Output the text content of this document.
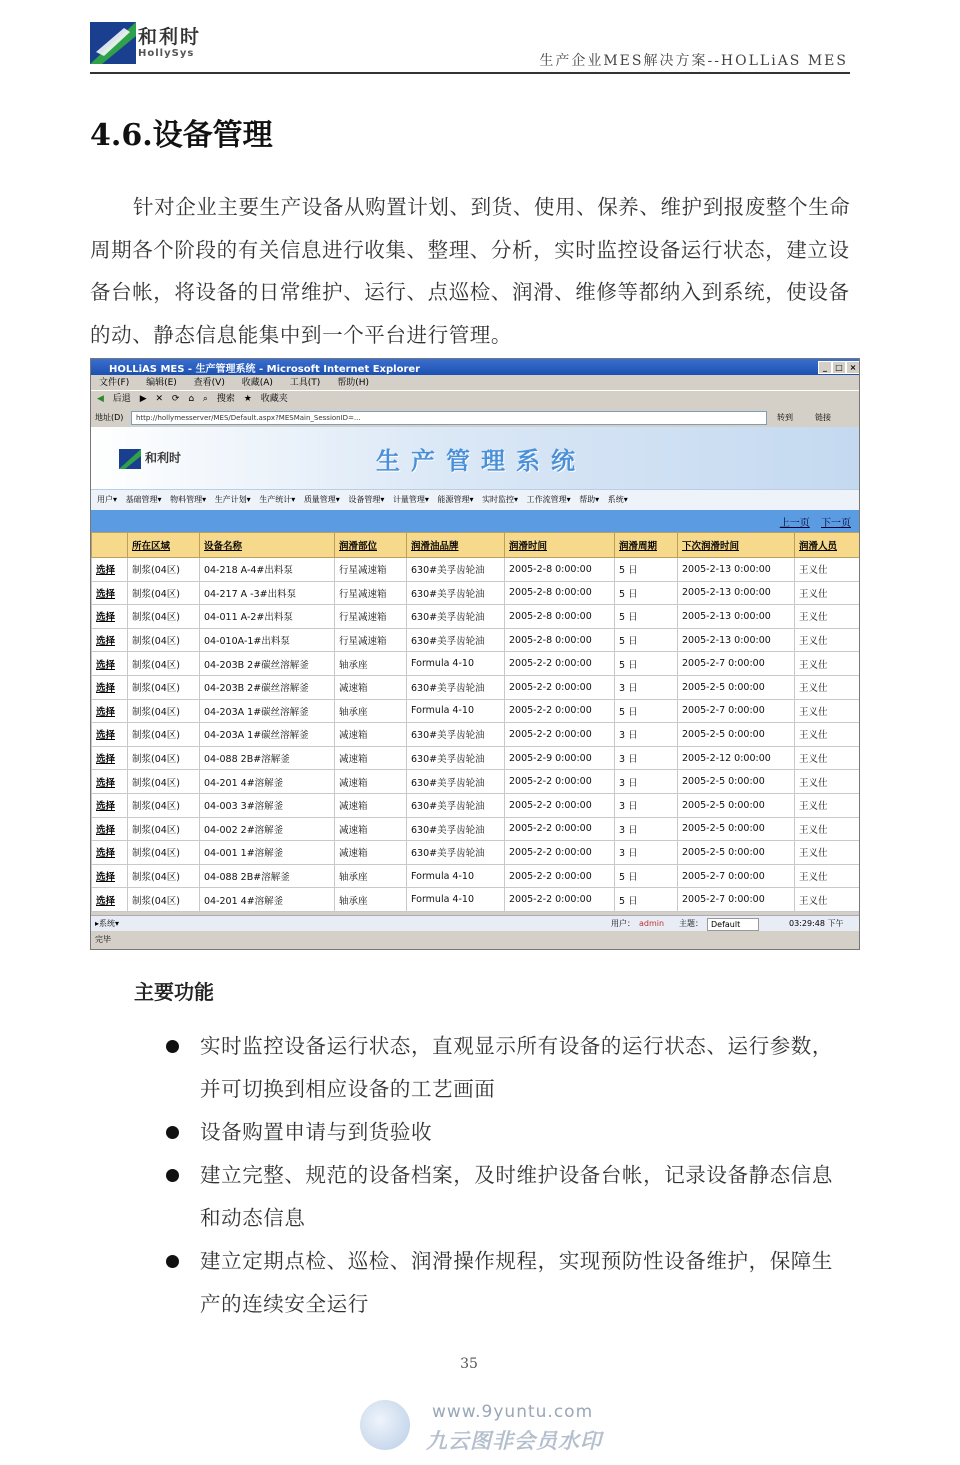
和利时
HollySys	生产企业MES解决方案--HOLLiAS MES
4.6.设备管理
针对企业主要生产设备从购置计划、到货、使用、保养、维护到报废整个生命周期各个阶段的有关信息进行收集、整理、分析，实时监控设备运行状态，建立设备台帐，将设备的日常维护、运行、点巡检、润滑、维修等都纳入到系统，使设备的动、静态信息能集中到一个平台进行管理。
HOLLiAS MES - 生产管理系统 - Microsoft Internet Explorer	_	□ ×
文件(F) 编辑(E) 查看(V) 收藏(A) 工具(T) 帮助(H)
◀ 后退 ▶ ✕ ⟳ ⌂ ⌕ 搜索 ★ 收藏夹
地址(D)	http://hollymesserver/MES/Default.aspx?MESMain_SessionID=...	转到	链接
和利时	生产管理系统
用户▾ 基础管理▾ 物料管理▾ 生产计划▾ 生产统计▾ 质量管理▾ 设备管理▾ 计量管理▾ 能源管理▾ 实时监控▾ 工作流管理▾ 帮助▾ 系统▾
上一页 下一页
	所在区域	设备名称	润滑部位	润滑油品牌	润滑时间	润滑周期	下次润滑时间	润滑人员
选择	制浆(04区)	04-218 A-4#出料泵	行星减速箱	630#美孚齿轮油	2005-2-8 0:00:00	5 日	2005-2-13 0:00:00	王义仕
选择	制浆(04区)	04-217 A -3#出料泵	行星减速箱	630#美孚齿轮油	2005-2-8 0:00:00	5 日	2005-2-13 0:00:00	王义仕
选择	制浆(04区)	04-011 A-2#出料泵	行星减速箱	630#美孚齿轮油	2005-2-8 0:00:00	5 日	2005-2-13 0:00:00	王义仕
选择	制浆(04区)	04-010A-1#出料泵	行星减速箱	630#美孚齿轮油	2005-2-8 0:00:00	5 日	2005-2-13 0:00:00	王义仕
选择	制浆(04区)	04-203B 2#碳丝溶解釜	轴承座	Formula 4-10	2005-2-2 0:00:00	5 日	2005-2-7 0:00:00	王义仕
选择	制浆(04区)	04-203B 2#碳丝溶解釜	减速箱	630#美孚齿轮油	2005-2-2 0:00:00	3 日	2005-2-5 0:00:00	王义仕
选择	制浆(04区)	04-203A 1#碳丝溶解釜	轴承座	Formula 4-10	2005-2-2 0:00:00	5 日	2005-2-7 0:00:00	王义仕
选择	制浆(04区)	04-203A 1#碳丝溶解釜	减速箱	630#美孚齿轮油	2005-2-2 0:00:00	3 日	2005-2-5 0:00:00	王义仕
选择	制浆(04区)	04-088 2B#溶解釜	减速箱	630#美孚齿轮油	2005-2-9 0:00:00	3 日	2005-2-12 0:00:00	王义仕
选择	制浆(04区)	04-201 4#溶解釜	减速箱	630#美孚齿轮油	2005-2-2 0:00:00	3 日	2005-2-5 0:00:00	王义仕
选择	制浆(04区)	04-003 3#溶解釜	减速箱	630#美孚齿轮油	2005-2-2 0:00:00	3 日	2005-2-5 0:00:00	王义仕
选择	制浆(04区)	04-002 2#溶解釜	减速箱	630#美孚齿轮油	2005-2-2 0:00:00	3 日	2005-2-5 0:00:00	王义仕
选择	制浆(04区)	04-001 1#溶解釜	减速箱	630#美孚齿轮油	2005-2-2 0:00:00	3 日	2005-2-5 0:00:00	王义仕
选择	制浆(04区)	04-088 2B#溶解釜	轴承座	Formula 4-10	2005-2-2 0:00:00	5 日	2005-2-7 0:00:00	王义仕
选择	制浆(04区)	04-201 4#溶解釜	轴承座	Formula 4-10	2005-2-2 0:00:00	5 日	2005-2-7 0:00:00	王义仕
▸系统▾	用户： admin 主题：	Default	03:29:48 下午
完毕
主要功能
实时监控设备运行状态，直观显示所有设备的运行状态、运行参数，并可切换到相应设备的工艺画面
设备购置申请与到货验收
建立完整、规范的设备档案，及时维护设备台帐，记录设备静态信息和动态信息
建立定期点检、巡检、润滑操作规程，实现预防性设备维护，保障生产的连续安全运行
35
www.9yuntu.com
九云图非会员水印
